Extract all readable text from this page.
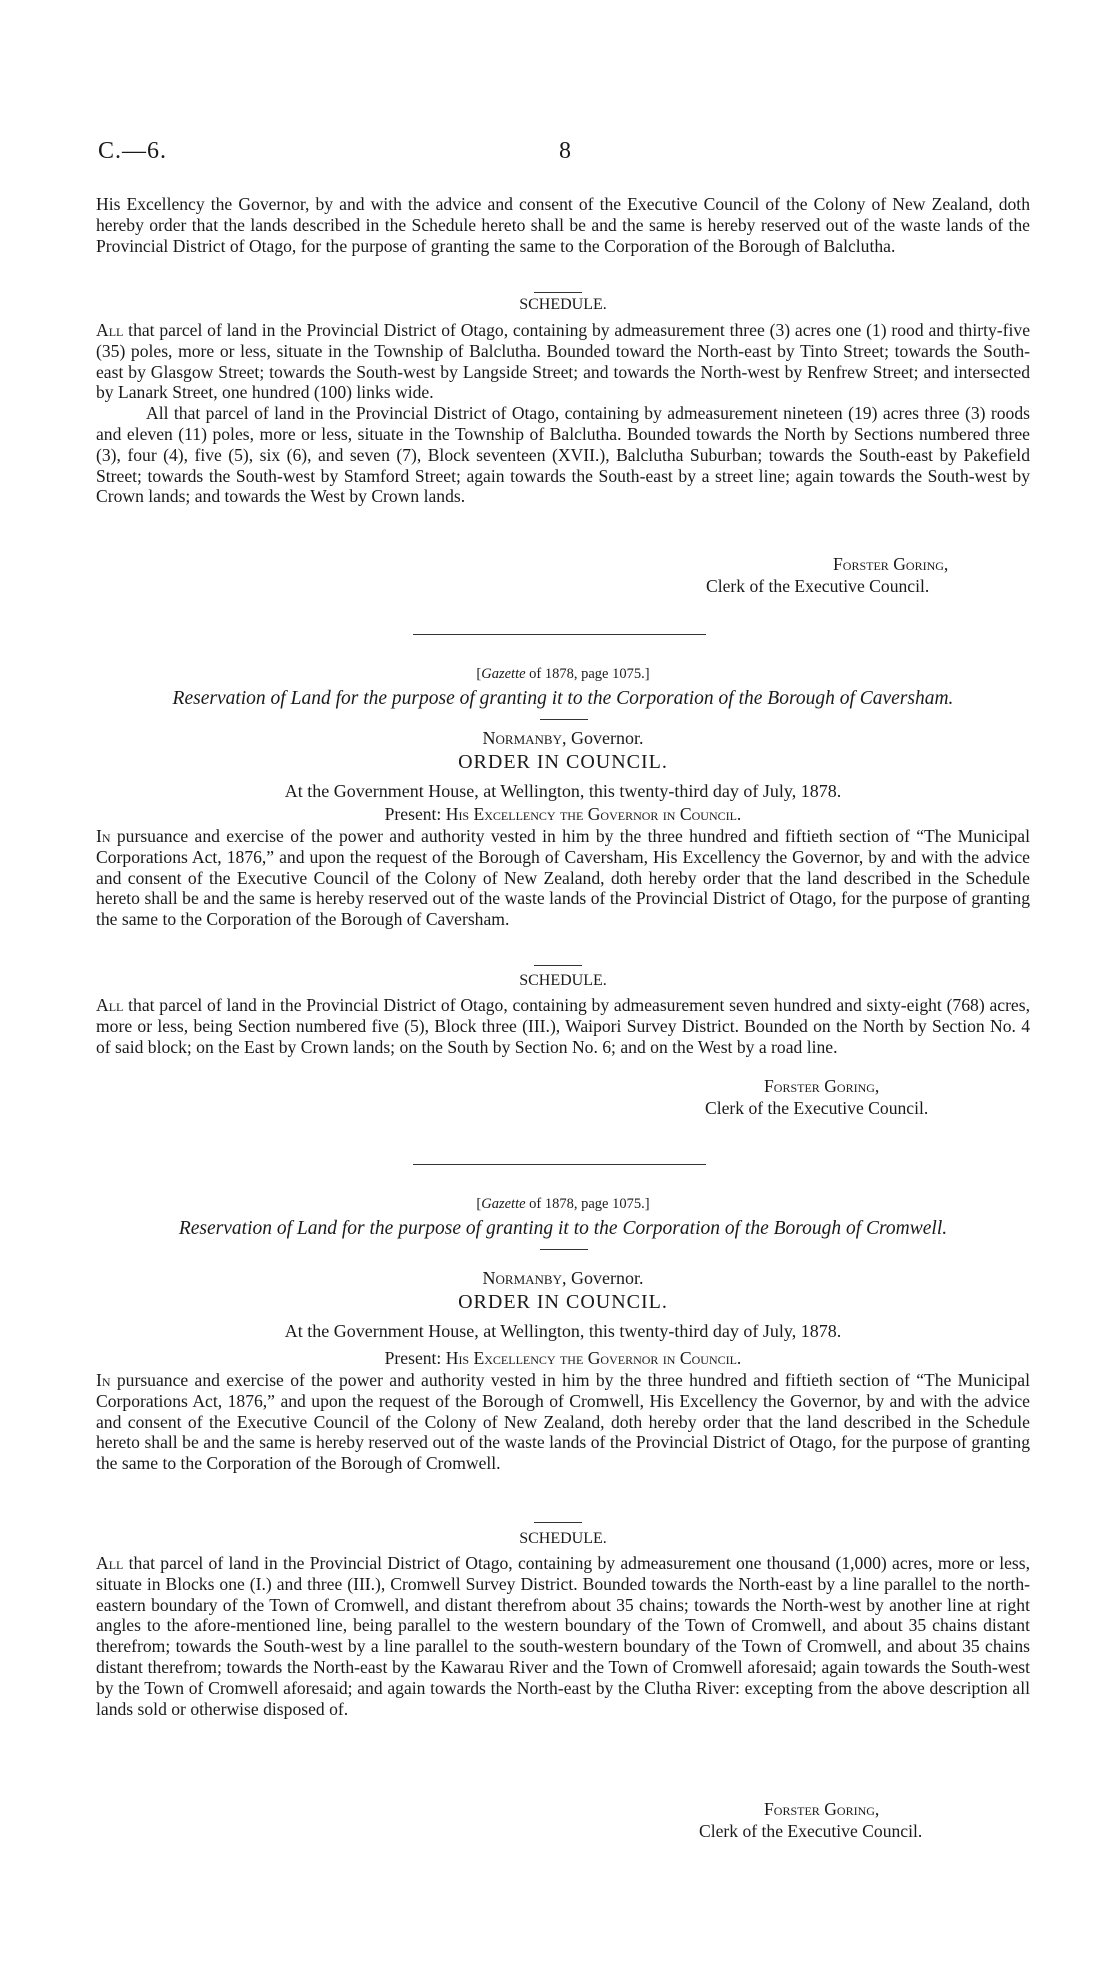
C.—6.	8

His Excellency the Governor, by and with the advice and consent of the Executive Council of the Colony of New Zealand, doth hereby order that the lands described in the Schedule hereto shall be and the same is hereby reserved out of the waste lands of the Provincial District of Otago, for the purpose of granting the same to the Corporation of the Borough of Balclutha.

SCHEDULE.

All that parcel of land in the Provincial District of Otago, containing by admeasurement three (3) acres one (1) rood and thirty-five (35) poles, more or less, situate in the Township of Balclutha. Bounded toward the North-east by Tinto Street; towards the South-east by Glasgow Street; towards the South-west by Langside Street; and towards the North-west by Renfrew Street; and intersected by Lanark Street, one hundred (100) links wide.

All that parcel of land in the Provincial District of Otago, containing by admeasurement nineteen (19) acres three (3) roods and eleven (11) poles, more or less, situate in the Township of Balclutha. Bounded towards the North by Sections numbered three (3), four (4), five (5), six (6), and seven (7), Block seventeen (XVII.), Balclutha Suburban; towards the South-east by Pakefield Street; towards the South-west by Stamford Street; again towards the South-east by a street line; again towards the South-west by Crown lands; and towards the West by Crown lands.

Forster Goring,
Clerk of the Executive Council.
[Gazette of 1878, page 1075.]
Reservation of Land for the purpose of granting it to the Corporation of the Borough of Caversham.
Normanby, Governor.
ORDER IN COUNCIL.
At the Government House, at Wellington, this twenty-third day of July, 1878.
Present: His Excellency the Governor in Council.

In pursuance and exercise of the power and authority vested in him by the three hundred and fiftieth section of “The Municipal Corporations Act, 1876,” and upon the request of the Borough of Caversham, His Excellency the Governor, by and with the advice and consent of the Executive Council of the Colony of New Zealand, doth hereby order that the land described in the Schedule hereto shall be and the same is hereby reserved out of the waste lands of the Provincial District of Otago, for the purpose of granting the same to the Corporation of the Borough of Caversham.

SCHEDULE.

All that parcel of land in the Provincial District of Otago, containing by admeasurement seven hundred and sixty-eight (768) acres, more or less, being Section numbered five (5), Block three (III.), Waipori Survey District. Bounded on the North by Section No. 4 of said block; on the East by Crown lands; on the South by Section No. 6; and on the West by a road line.

Forster Goring,
Clerk of the Executive Council.
[Gazette of 1878, page 1075.]
Reservation of Land for the purpose of granting it to the Corporation of the Borough of Cromwell.
Normanby, Governor.
ORDER IN COUNCIL.
At the Government House, at Wellington, this twenty-third day of July, 1878.
Present: His Excellency the Governor in Council.

In pursuance and exercise of the power and authority vested in him by the three hundred and fiftieth section of “The Municipal Corporations Act, 1876,” and upon the request of the Borough of Cromwell, His Excellency the Governor, by and with the advice and consent of the Executive Council of the Colony of New Zealand, doth hereby order that the land described in the Schedule hereto shall be and the same is hereby reserved out of the waste lands of the Provincial District of Otago, for the purpose of granting the same to the Corporation of the Borough of Cromwell.

SCHEDULE.

All that parcel of land in the Provincial District of Otago, containing by admeasurement one thousand (1,000) acres, more or less, situate in Blocks one (I.) and three (III.), Cromwell Survey District. Bounded towards the North-east by a line parallel to the north-eastern boundary of the Town of Cromwell, and distant therefrom about 35 chains; towards the North-west by another line at right angles to the afore-mentioned line, being parallel to the western boundary of the Town of Cromwell, and about 35 chains distant therefrom; towards the South-west by a line parallel to the south-western boundary of the Town of Cromwell, and about 35 chains distant therefrom; towards the North-east by the Kawarau River and the Town of Cromwell aforesaid; again towards the South-west by the Town of Cromwell aforesaid; and again towards the North-east by the Clutha River: excepting from the above description all lands sold or otherwise disposed of.

Forster Goring,
Clerk of the Executive Council.
